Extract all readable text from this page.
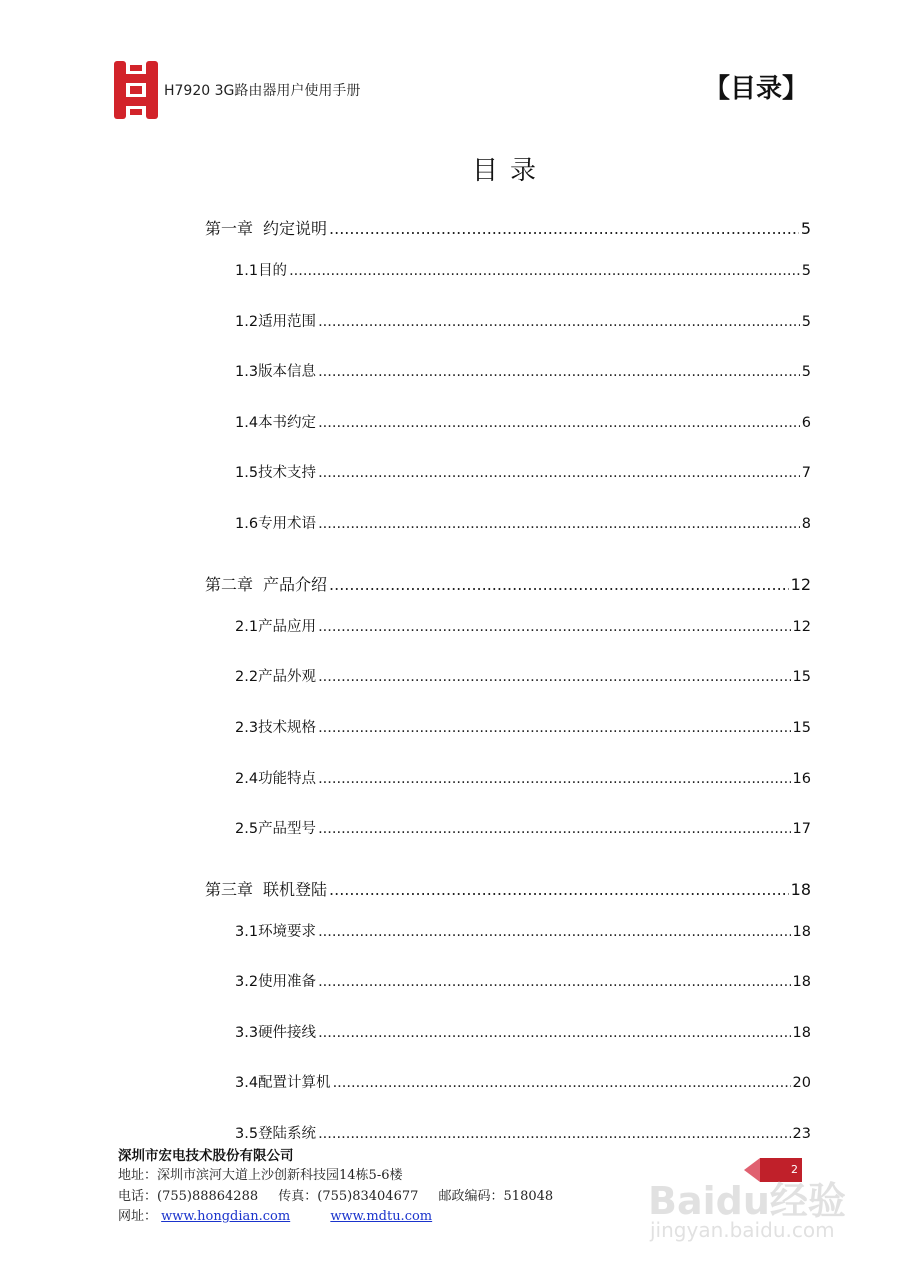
H7920 3G路由器用户使用手册	【目录】
目录
第一章 约定说明 .....	5
1.1 目的 .....	5
1.2 适用范围 .....	5
1.3 版本信息 .....	5
1.4 本书约定 .....	6
1.5 技术支持 .....	7
1.6 专用术语 .....	8
第二章 产品介绍 .....	12
2.1 产品应用 .....	12
2.2 产品外观 .....	15
2.3 技术规格 .....	15
2.4 功能特点 .....	16
2.5 产品型号 .....	17
第三章 联机登陆 .....	18
3.1 环境要求 .....	18
3.2 使用准备 .....	18
3.3 硬件接线 .....	18
3.4 配置计算机 .....	20
3.5 登陆系统 .....	23
深圳市宏电技术股份有限公司
地址：深圳市滨河大道上沙创新科技园14栋5-6楼
电话：(755)88864288 传真：(755)83404677 邮政编码：518048
网址： www.hongdian.com	www.mdtu.com
2
Baidu经验
jingyan.baidu.com
